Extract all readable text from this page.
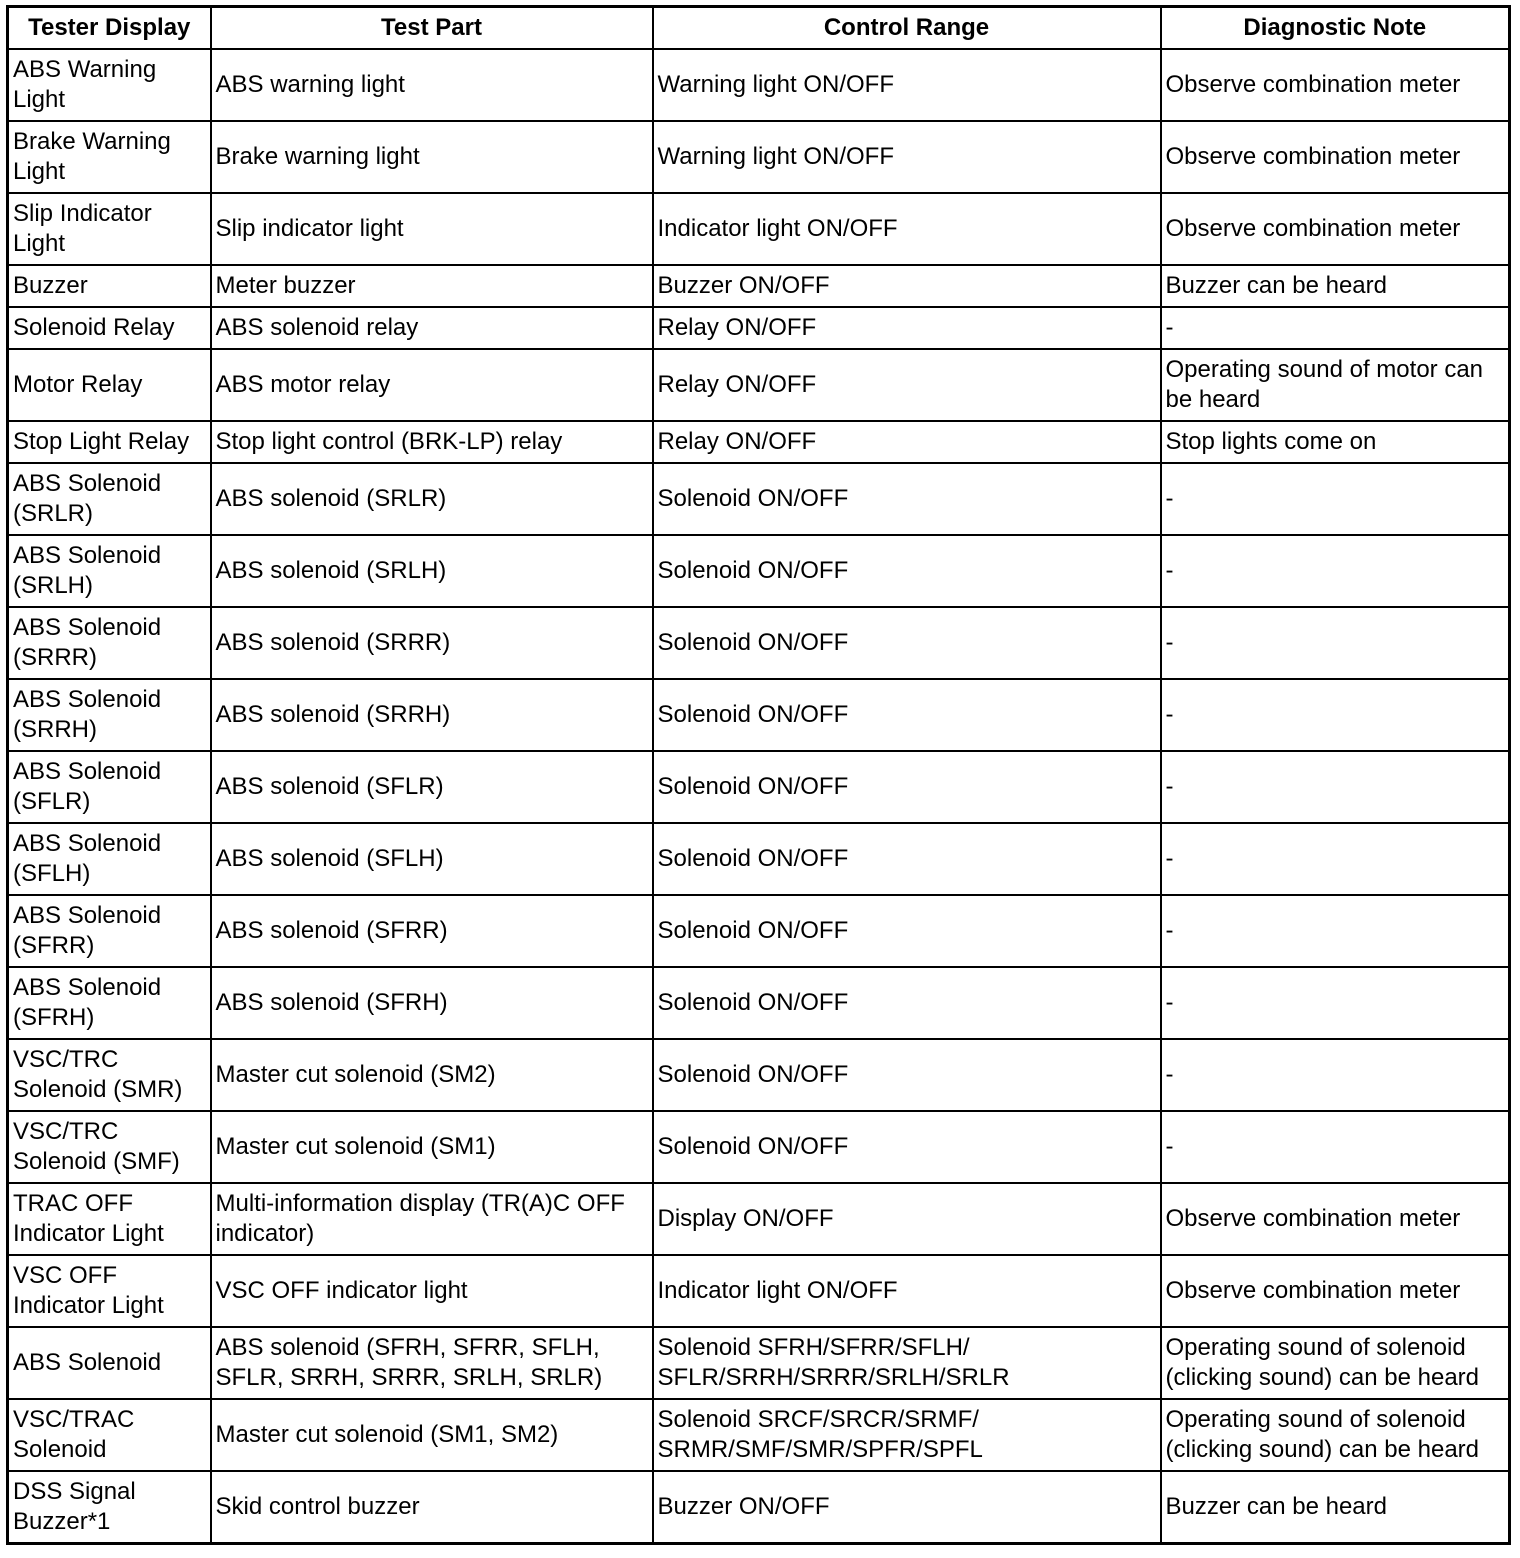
Tester Display	Test Part	Control Range	Diagnostic Note
ABS Warning Light	ABS warning light	Warning light ON/OFF	Observe combination meter
Brake Warning Light	Brake warning light	Warning light ON/OFF	Observe combination meter
Slip Indicator Light	Slip indicator light	Indicator light ON/OFF	Observe combination meter
Buzzer	Meter buzzer	Buzzer ON/OFF	Buzzer can be heard
Solenoid Relay	ABS solenoid relay	Relay ON/OFF	-
Motor Relay	ABS motor relay	Relay ON/OFF	Operating sound of motor can be heard
Stop Light Relay	Stop light control (BRK-LP) relay	Relay ON/OFF	Stop lights come on
ABS Solenoid (SRLR)	ABS solenoid (SRLR)	Solenoid ON/OFF	-
ABS Solenoid (SRLH)	ABS solenoid (SRLH)	Solenoid ON/OFF	-
ABS Solenoid (SRRR)	ABS solenoid (SRRR)	Solenoid ON/OFF	-
ABS Solenoid (SRRH)	ABS solenoid (SRRH)	Solenoid ON/OFF	-
ABS Solenoid (SFLR)	ABS solenoid (SFLR)	Solenoid ON/OFF	-
ABS Solenoid (SFLH)	ABS solenoid (SFLH)	Solenoid ON/OFF	-
ABS Solenoid (SFRR)	ABS solenoid (SFRR)	Solenoid ON/OFF	-
ABS Solenoid (SFRH)	ABS solenoid (SFRH)	Solenoid ON/OFF	-
VSC/TRC Solenoid (SMR)	Master cut solenoid (SM2)	Solenoid ON/OFF	-
VSC/TRC Solenoid (SMF)	Master cut solenoid (SM1)	Solenoid ON/OFF	-
TRAC OFF Indicator Light	Multi-information display (TR(A)C OFF indicator)	Display ON/OFF	Observe combination meter
VSC OFF Indicator Light	VSC OFF indicator light	Indicator light ON/OFF	Observe combination meter
ABS Solenoid	ABS solenoid (SFRH, SFRR, SFLH, SFLR, SRRH, SRRR, SRLH, SRLR)	Solenoid SFRH/SFRR/SFLH/ SFLR/SRRH/SRRR/SRLH/SRLR	Operating sound of solenoid (clicking sound) can be heard
VSC/TRAC Solenoid	Master cut solenoid (SM1, SM2)	Solenoid SRCF/SRCR/SRMF/ SRMR/SMF/SMR/SPFR/SPFL	Operating sound of solenoid (clicking sound) can be heard
DSS Signal Buzzer*1	Skid control buzzer	Buzzer ON/OFF	Buzzer can be heard
